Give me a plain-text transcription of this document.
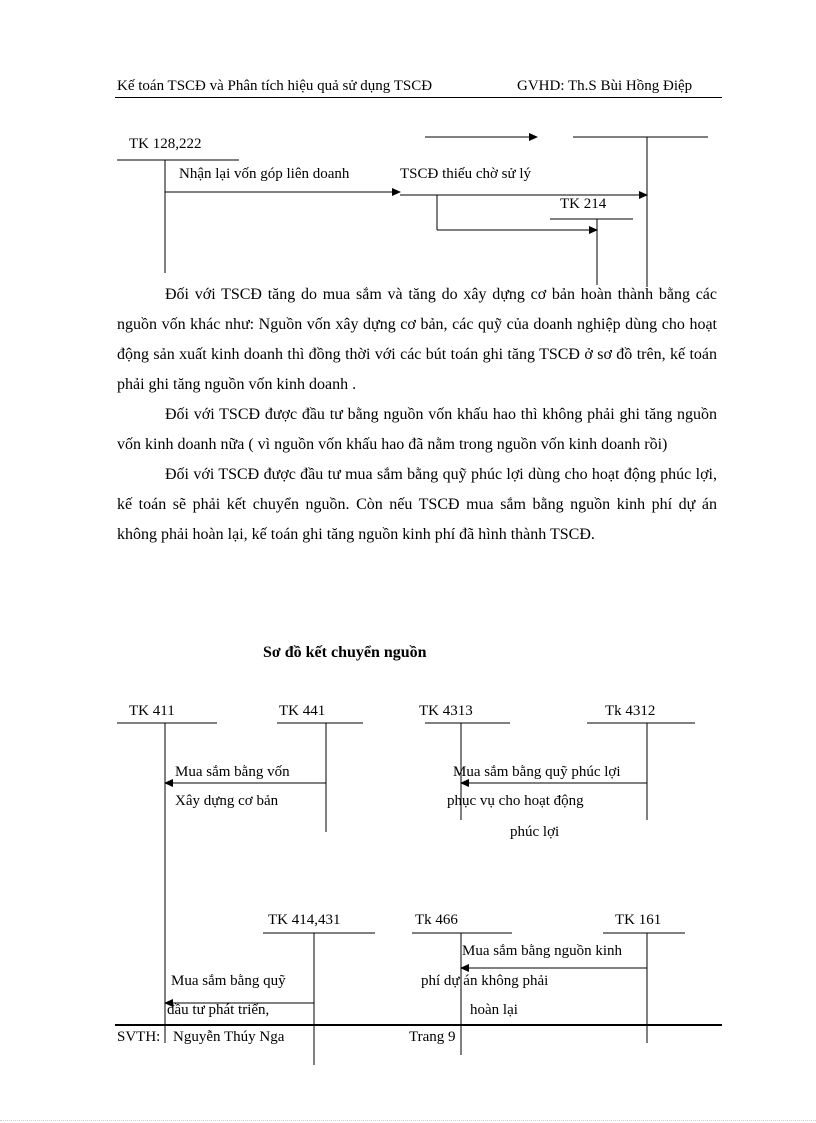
Kế toán TSCĐ và Phân tích hiệu quả sử dụng TSCĐ	GVHD: Th.S Bùi Hồng Điệp
TK 128,222
Nhận lại vốn góp liên doanh	TSCĐ thiếu chờ sử lý
TK 214

Đối với TSCĐ tăng do mua sắm và tăng do xây dựng cơ bản hoàn thành bằng các nguồn vốn khác như: Nguồn vốn xây dựng cơ bản, các quỹ của doanh nghiệp dùng cho hoạt động sản xuất kinh doanh thì đồng thời với các bút toán ghi tăng TSCĐ ở sơ đồ trên, kế toán phải ghi tăng nguồn vốn kinh doanh .

Đối với TSCĐ được đầu tư bằng nguồn vốn khấu hao thì không phải ghi tăng nguồn vốn kinh doanh nữa ( vì nguồn vốn khấu hao đã nằm trong nguồn vốn kinh doanh rồi)

Đối với TSCĐ được đầu tư mua sắm bằng quỹ phúc lợi dùng cho hoạt động phúc lợi, kế toán sẽ phải kết chuyển nguồn. Còn nếu TSCĐ mua sắm bằng nguồn kinh phí dự án không phải hoàn lại, kế toán ghi tăng nguồn kinh phí đã hình thành TSCĐ.

Sơ đồ kết chuyển nguồn
TK 411	TK 441	TK 4313	Tk 4312
TK 414,431	Tk 466	TK 161
Mua sắm bằng vốn
Xây dựng cơ bản
Mua sắm bằng quỹ phúc lợi
phục vụ cho hoạt động
phúc lợi
Mua sắm bằng nguồn kinh
phí dự án không phải
hoàn lại
Mua sắm bằng quỹ
đầu tư phát triển,
SVTH: Nguyễn Thúy Nga	Trang 9
